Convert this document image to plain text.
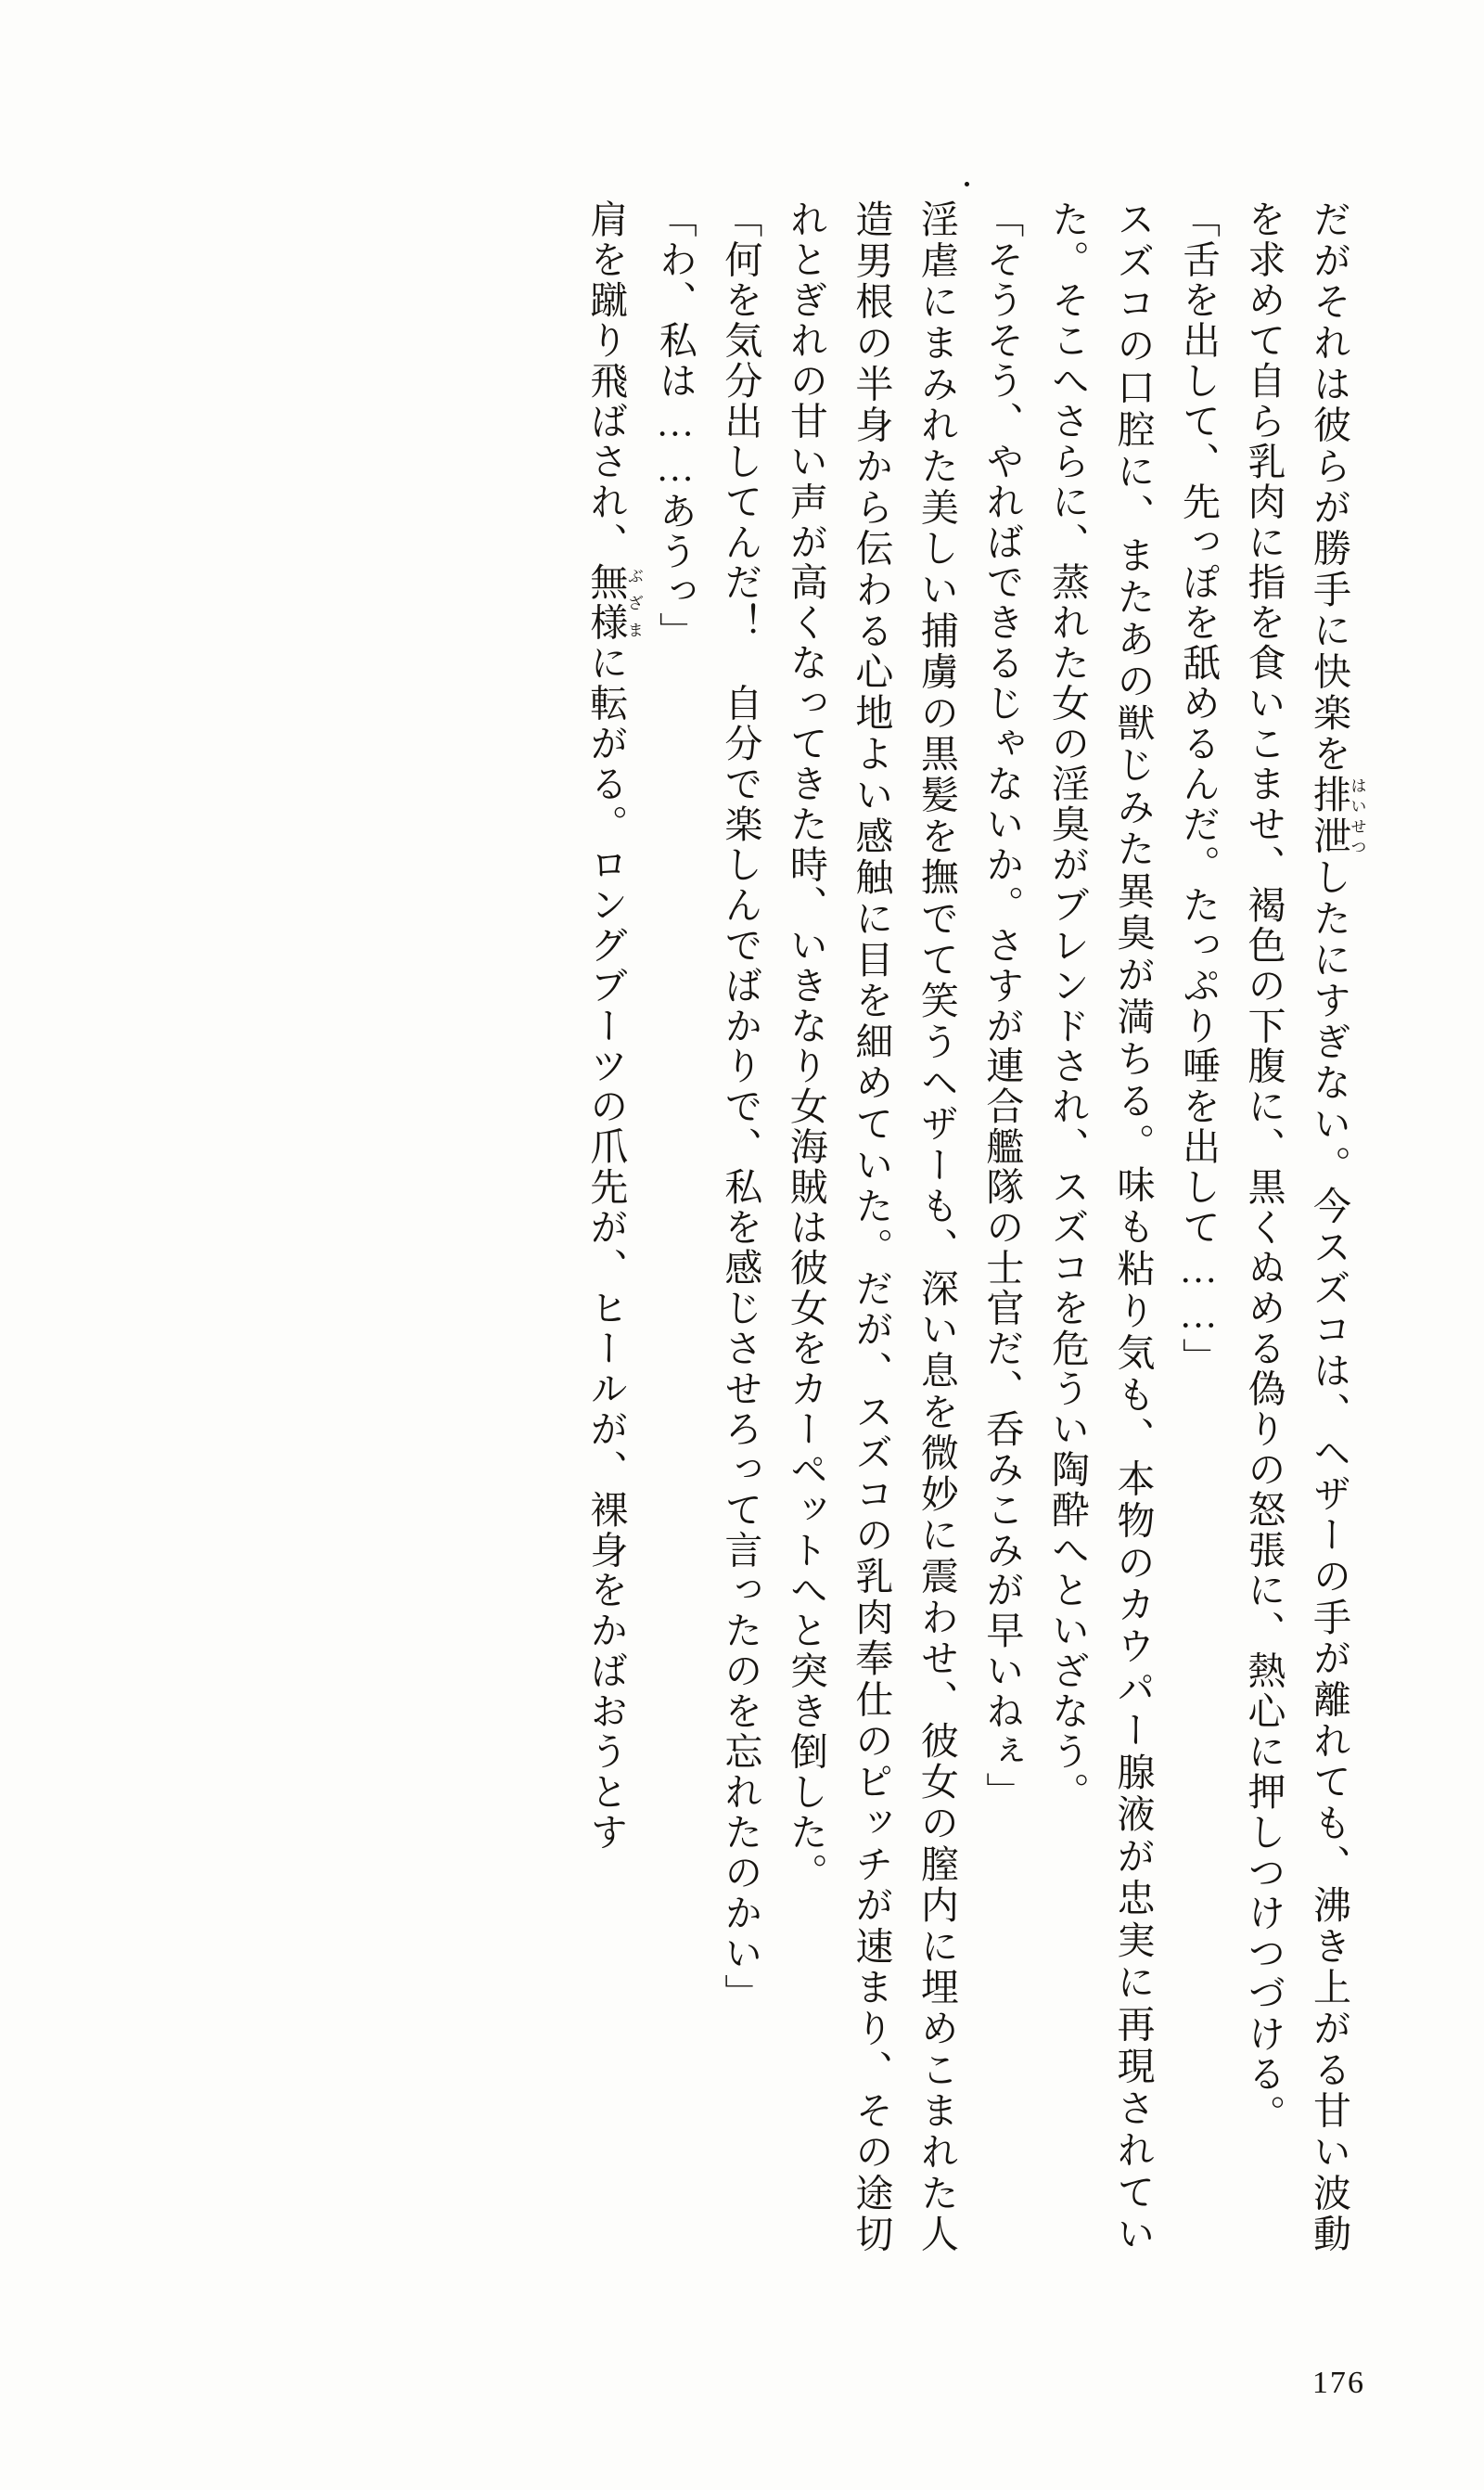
だがそれは彼らが勝手に快楽を排泄はいせつしたにすぎない。今スズコは、ヘザーの手が離れても、沸き上がる甘い波動を求めて自ら乳肉に指を食いこませ、褐色の下腹に、黒くぬめる偽りの怒張に、熱心に押しつけつづける。

「舌を出して、先っぽを舐めるんだ。たっぷり唾を出して……」

スズコの口腔に、またあの獣じみた異臭が満ちる。味も粘り気も、本物のカウパー腺液が忠実に再現されていた。そこへさらに、蒸れた女の淫臭がブレンドされ、スズコを危うい陶酔へといざなう。

「そうそう、やればできるじゃないか。さすが連合艦隊の士官だ、呑みこみが早いねぇ」

淫虐にまみれた美しい捕虜の黒髪を撫でて笑うヘザーも、深い息を微妙に震わせ、彼女の膣内に埋めこまれた人造男根の半身から伝わる心地よい感触に目を細めていた。だが、スズコの乳肉奉仕のピッチが速まり、その途切れとぎれの甘い声が高くなってきた時、いきなり女海賊は彼女をカーペットへと突き倒した。

「何を気分出してんだ！　自分で楽しんでばかりで、私を感じさせろって言ったのを忘れたのかい」

「わ、私は……あうっ」

肩を蹴り飛ばされ、無様ぶざまに転がる。ロングブーツの爪先が、ヒールが、裸身をかばおうとす

176
